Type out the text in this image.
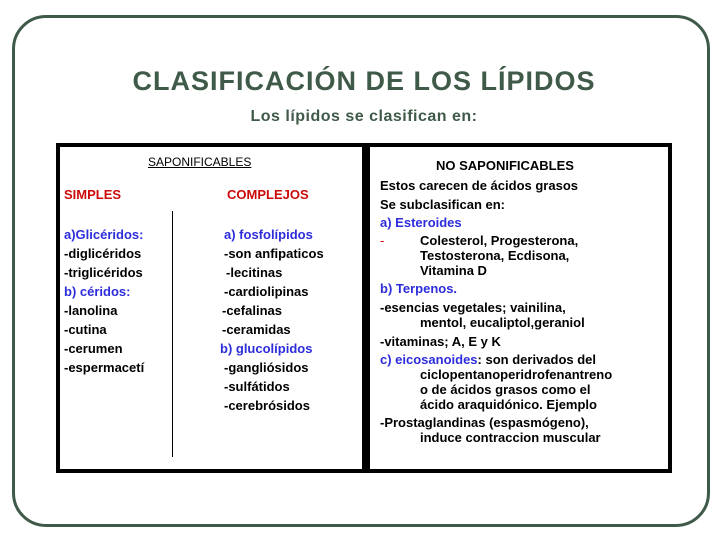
CLASIFICACIÓN DE LOS LÍPIDOS
Los lípidos se clasifican en:
SAPONIFICABLES
SIMPLES	COMPLEJOS
a)Glicéridos:
-diglicéridos
-triglicéridos
b) céridos:
-lanolina
-cutina
-cerumen
-espermacetí
a) fosfolípidos
-son anfipaticos
-lecitinas
-cardiolipinas
-cefalinas
-ceramidas
b) glucolípidos
-gangliósidos
-sulfátidos
-cerebrósidos
NO SAPONIFICABLES
Estos carecen de ácidos grasos
Se subclasifican en:
a) Esteroides
-	Colesterol, Progesterona,
Testosterona, Ecdisona,
Vitamina D
b) Terpenos.
-esencias vegetales; vainilina,
mentol, eucaliptol,geraniol
-vitaminas; A, E y K
c) eicosanoides: son derivados del
ciclopentanoperidrofenantreno
o de ácidos grasos como el
ácido araquidónico. Ejemplo
-Prostaglandinas (espasmógeno),
induce contraccion muscular
